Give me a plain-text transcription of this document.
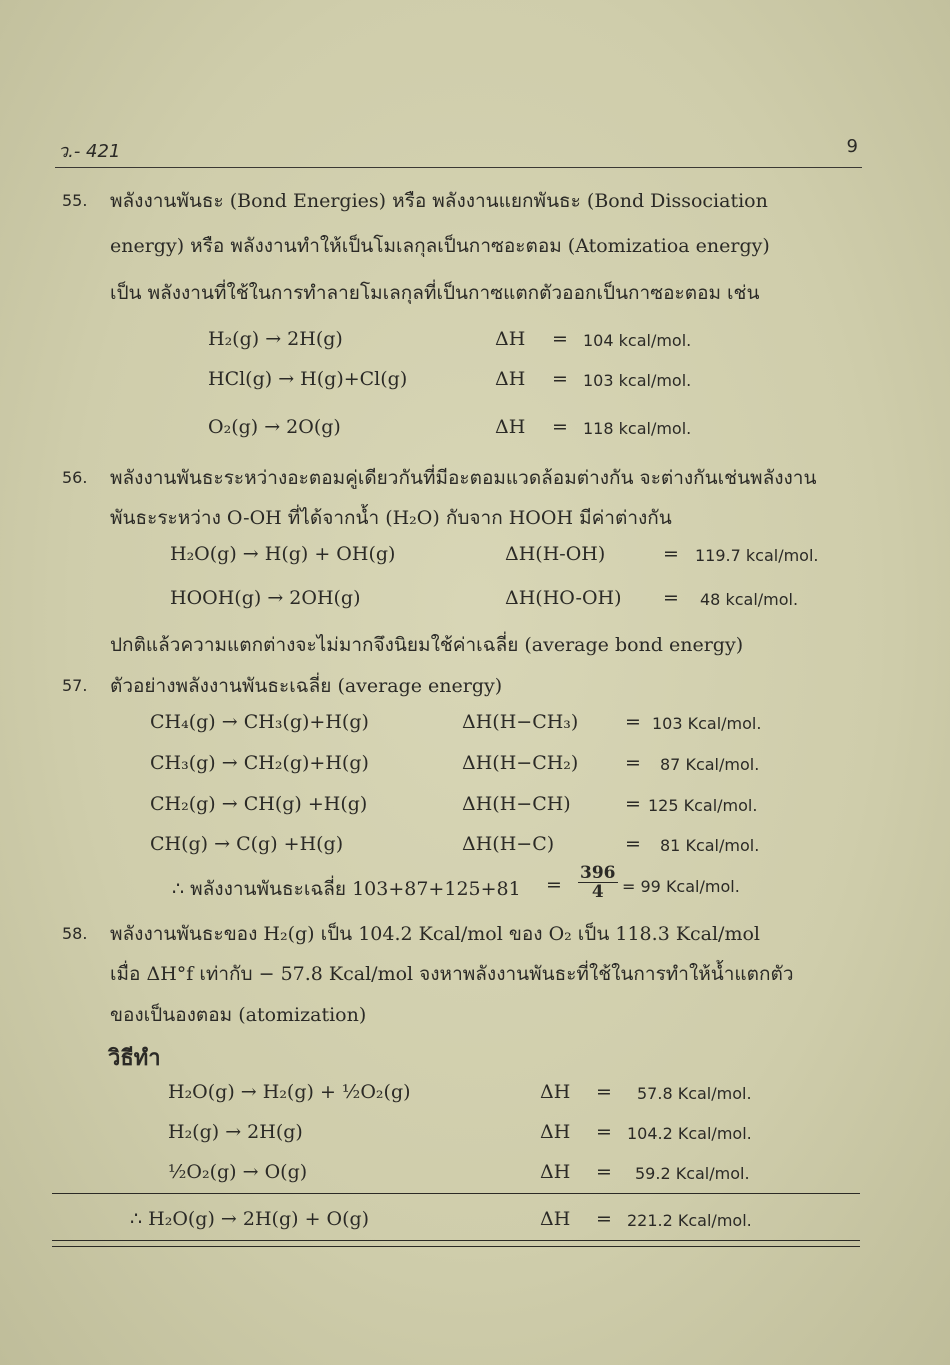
ว.- 421	9
55. พลังงานพันธะ (Bond Energies) หรือ พลังงานแยกพันธะ (Bond Dissociation
energy) หรือ พลังงานทำให้เป็นโมเลกุลเป็นกาซอะตอม (Atomizatioa energy)
เป็น พลังงานที่ใช้ในการทำลายโมเลกุลที่เป็นกาซแตกตัวออกเป็นกาซอะตอม เช่น
H₂(g) → 2H(g)	ΔH = 104 kcal/mol.
HCl(g) → H(g)+Cl(g)	ΔH = 103 kcal/mol.
O₂(g) → 2O(g)	ΔH = 118 kcal/mol.
56. พลังงานพันธะระหว่างอะตอมคู่เดียวกันที่มีอะตอมแวดล้อมต่างกัน จะต่างกันเช่นพลังงาน
พันธะระหว่าง O-OH ที่ได้จากน้ำ (H₂O) กับจาก HOOH มีค่าต่างกัน
H₂O(g) → H(g) + OH(g)	ΔH(H-OH)	= 119.7 kcal/mol.
HOOH(g) → 2OH(g)	ΔH(HO-OH) = 48 kcal/mol.
ปกติแล้วความแตกต่างจะไม่มากจึงนิยมใช้ค่าเฉลี่ย (average bond energy)
57. ตัวอย่างพลังงานพันธะเฉลี่ย (average energy)
CH₄(g) → CH₃(g)+H(g)	ΔH(H−CH₃) = 103 Kcal/mol.
CH₃(g) → CH₂(g)+H(g)	ΔH(H−CH₂) = 87 Kcal/mol.
CH₂(g) → CH(g) +H(g)	ΔH(H−CH)	= 125 Kcal/mol.
CH(g) → C(g) +H(g)	ΔH(H−C)	= 81 Kcal/mol.
∴ พลังงานพันธะเฉลี่ย $103+87+125+81 = \frac{396}{4} = 99$ Kcal/mol.
58. พลังงานพันธะของ H₂(g) เป็น 104.2 Kcal/mol ของ O₂ เป็น 118.3 Kcal/mol
เมื่อ ΔH°f เท่ากับ − 57.8 Kcal/mol จงหาพลังงานพันธะที่ใช้ในการทำให้น้ำแตกตัว
ของเป็นองตอม (atomization)
วิธีทำ
H₂O(g) → H₂(g) + ½O₂(g)	ΔH = 57.8 Kcal/mol.
H₂(g) → 2H(g)	ΔH = 104.2 Kcal/mol.
½O₂(g) → O(g)	ΔH = 59.2 Kcal/mol.
∴ H₂O(g) → 2H(g) + O(g)	ΔH = 221.2 Kcal/mol.
